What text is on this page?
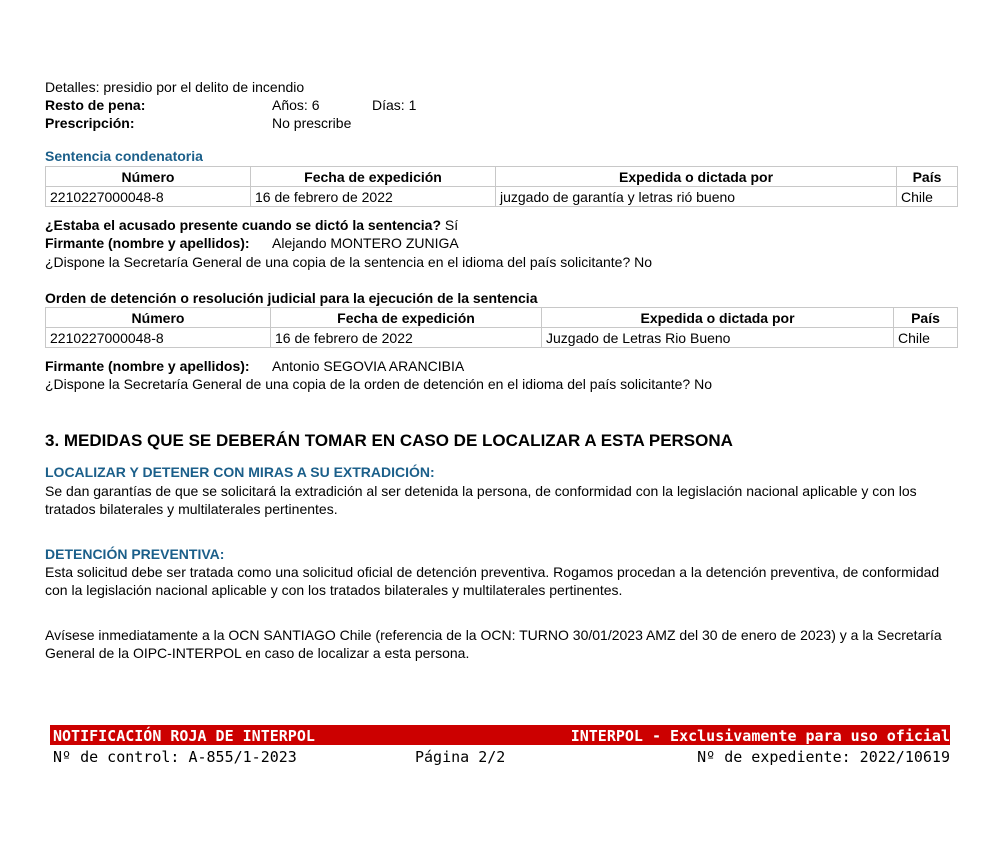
Detalles: presidio por el delito de incendio
Resto de pena:	Años: 6	Días: 1
Prescripción:	No prescribe
Sentencia condenatoria
Número	Fecha de expedición	Expedida o dictada por	País
2210227000048-8	16 de febrero de 2022	juzgado de garantía y letras rió bueno	Chile
¿Estaba el acusado presente cuando se dictó la sentencia? Sí
Firmante (nombre y apellidos): Alejando MONTERO ZUNIGA
¿Dispone la Secretaría General de una copia de la sentencia en el idioma del país solicitante? No
Orden de detención o resolución judicial para la ejecución de la sentencia
Número	Fecha de expedición	Expedida o dictada por	País
2210227000048-8	16 de febrero de 2022	Juzgado de Letras Rio Bueno	Chile
Firmante (nombre y apellidos): Antonio SEGOVIA ARANCIBIA
¿Dispone la Secretaría General de una copia de la orden de detención en el idioma del país solicitante? No
3. MEDIDAS QUE SE DEBERÁN TOMAR EN CASO DE LOCALIZAR A ESTA PERSONA
LOCALIZAR Y DETENER CON MIRAS A SU EXTRADICIÓN:
Se dan garantías de que se solicitará la extradición al ser detenida la persona, de conformidad con la legislación nacional aplicable y con los tratados bilaterales y multilaterales pertinentes.
DETENCIÓN PREVENTIVA:
Esta solicitud debe ser tratada como una solicitud oficial de detención preventiva. Rogamos procedan a la detención preventiva, de conformidad con la legislación nacional aplicable y con los tratados bilaterales y multilaterales pertinentes.
Avísese inmediatamente a la OCN SANTIAGO Chile (referencia de la OCN: TURNO 30/01/2023 AMZ del 30 de enero de 2023) y a la Secretaría General de la OIPC-INTERPOL en caso de localizar a esta persona.
NOTIFICACIÓN ROJA DE INTERPOL	INTERPOL - Exclusivamente para uso oficial
Nº de control: A-855/1-2023	Página 2/2	Nº de expediente: 2022/10619
